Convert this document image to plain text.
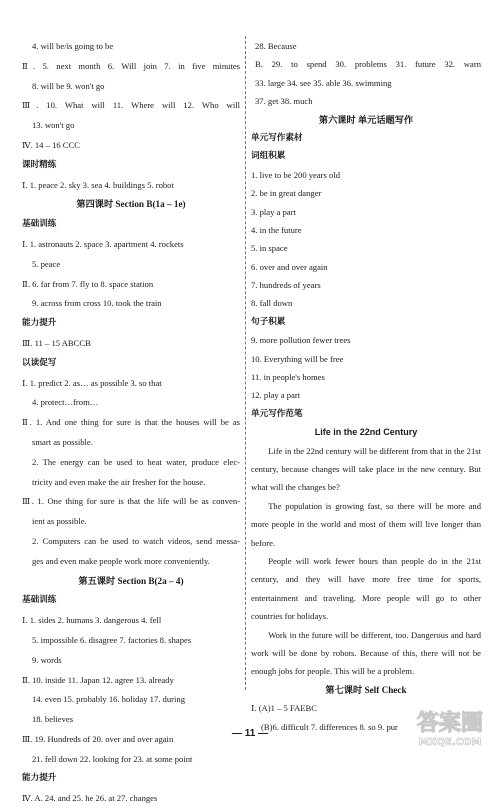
4. will be/is going to be
Ⅱ. 5. next month 6. Will join 7. in five minutes
8. will be 9. won't go
Ⅲ. 10. What will 11. Where will 12. Who will
13. won't go
Ⅳ. 14 – 16 CCC
课时精练
Ⅰ. 1. peace 2. sky 3. sea 4. buildings 5. robot
第四课时 Section B(1a – 1e)
基础训练
Ⅰ. 1. astronauts 2. space 3. apartment 4. rockets
5. peace
Ⅱ. 6. far from 7. fly to 8. space station
9. across from cross 10. took the train
能力提升
Ⅲ. 11 – 15 ABCCB
以读促写
Ⅰ. 1. predict 2. as… as possible 3. so that
4. protect…from…
Ⅱ. 1. And one thing for sure is that the houses will be as
smart as possible.
2. The energy can be used to heat water, produce elec-
tricity and even make the air fresher for the house.
Ⅲ. 1. One thing for sure is that the life will be as conven-
ient as possible.
2. Computers can be used to watch videos, send messa-
ges and even make people work more conveniently.
第五课时 Section B(2a – 4)
基础训练
Ⅰ. 1. sides 2. humans 3. dangerous 4. fell
5. impossible 6. disagree 7. factories 8. shapes
9. words
Ⅱ. 10. inside 11. Japan 12. agree 13. already
14. even 15. probably 16. holiday 17. during
18. believes
Ⅲ. 19. Hundreds of 20. over and over again
21. fell down 22. looking for 23. at some point
能力提升
Ⅳ. A. 24. and 25. he 26. at 27. changes
28. Because
B. 29. to spend 30. problems 31. future 32. warn
33. large 34. see 35. able 36. swimming
37. get 38. much
第六课时 单元话题写作
单元写作素材
词组积累
1. live to be 200 years old
2. be in great danger
3. play a part
4. in the future
5. in space
6. over and over again
7. hundreds of years
8. fall down
句子积累
9. more pollution fewer trees
10. Everything will be free
11. in people's homes
12. play a part
单元写作范笔
Life in the 22nd Century

Life in the 22nd century will be different from that in the 21st century, because changes will take place in the new century. But what will the changes be?

The population is growing fast, so there will be more and more people in the world and most of them will live longer than before.

People will work fewer hours than people do in the 21st century, and they will have more free time for sports, entertainment and traveling. More people will go to other countries for holidays.

Work in the future will be different, too. Dangerous and hard work will be done by robots. Because of this, there will not be enough jobs for people. This will be a problem.

第七课时 Self Check
Ⅰ. (A)1 – 5 FAEBC
(B)6. difficult 7. differences 8. so 9. pur
— 11 —	答案圈
MXQE.COM
